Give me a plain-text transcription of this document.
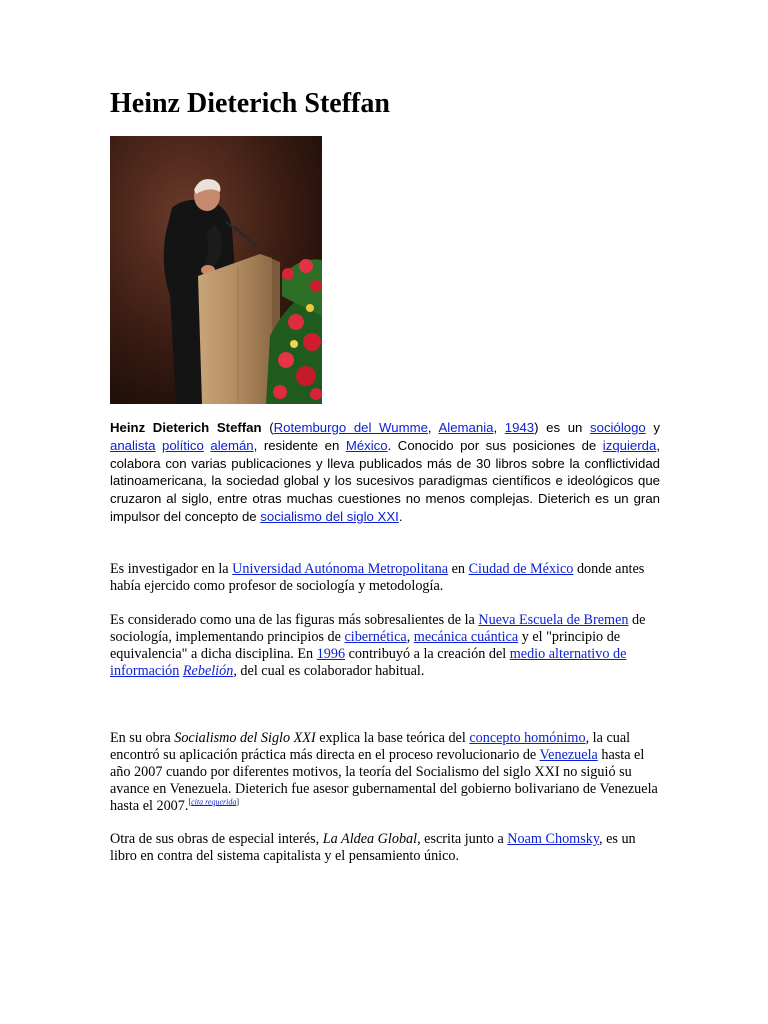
Heinz Dieterich Steffan

Heinz Dieterich Steffan (Rotemburgo del Wumme, Alemania, 1943) es un sociólogo y analista político alemán, residente en México. Conocido por sus posiciones de izquierda, colabora con varias publicaciones y lleva publicados más de 30 libros sobre la conflictividad latinoamericana, la sociedad global y los sucesivos paradigmas científicos e ideológicos que cruzaron al siglo, entre otras muchas cuestiones no menos complejas. Dieterich es un gran impulsor del concepto de socialismo del siglo XXI.

Es investigador en la Universidad Autónoma Metropolitana en Ciudad de México donde antes había ejercido como profesor de sociología y metodología.

Es considerado como una de las figuras más sobresalientes de la Nueva Escuela de Bremen de sociología, implementando principios de cibernética, mecánica cuántica y el "principio de equivalencia" a dicha disciplina. En 1996 contribuyó a la creación del medio alternativo de información Rebelión, del cual es colaborador habitual.

En su obra Socialismo del Siglo XXI explica la base teórica del concepto homónimo, la cual encontró su aplicación práctica más directa en el proceso revolucionario de Venezuela hasta el año 2007 cuando por diferentes motivos, la teoría del Socialismo del siglo XXI no siguió su avance en Venezuela. Dieterich fue asesor gubernamental del gobierno bolivariano de Venezuela hasta el 2007.[cita requerida]

Otra de sus obras de especial interés, La Aldea Global, escrita junto a Noam Chomsky, es un libro en contra del sistema capitalista y el pensamiento único.
